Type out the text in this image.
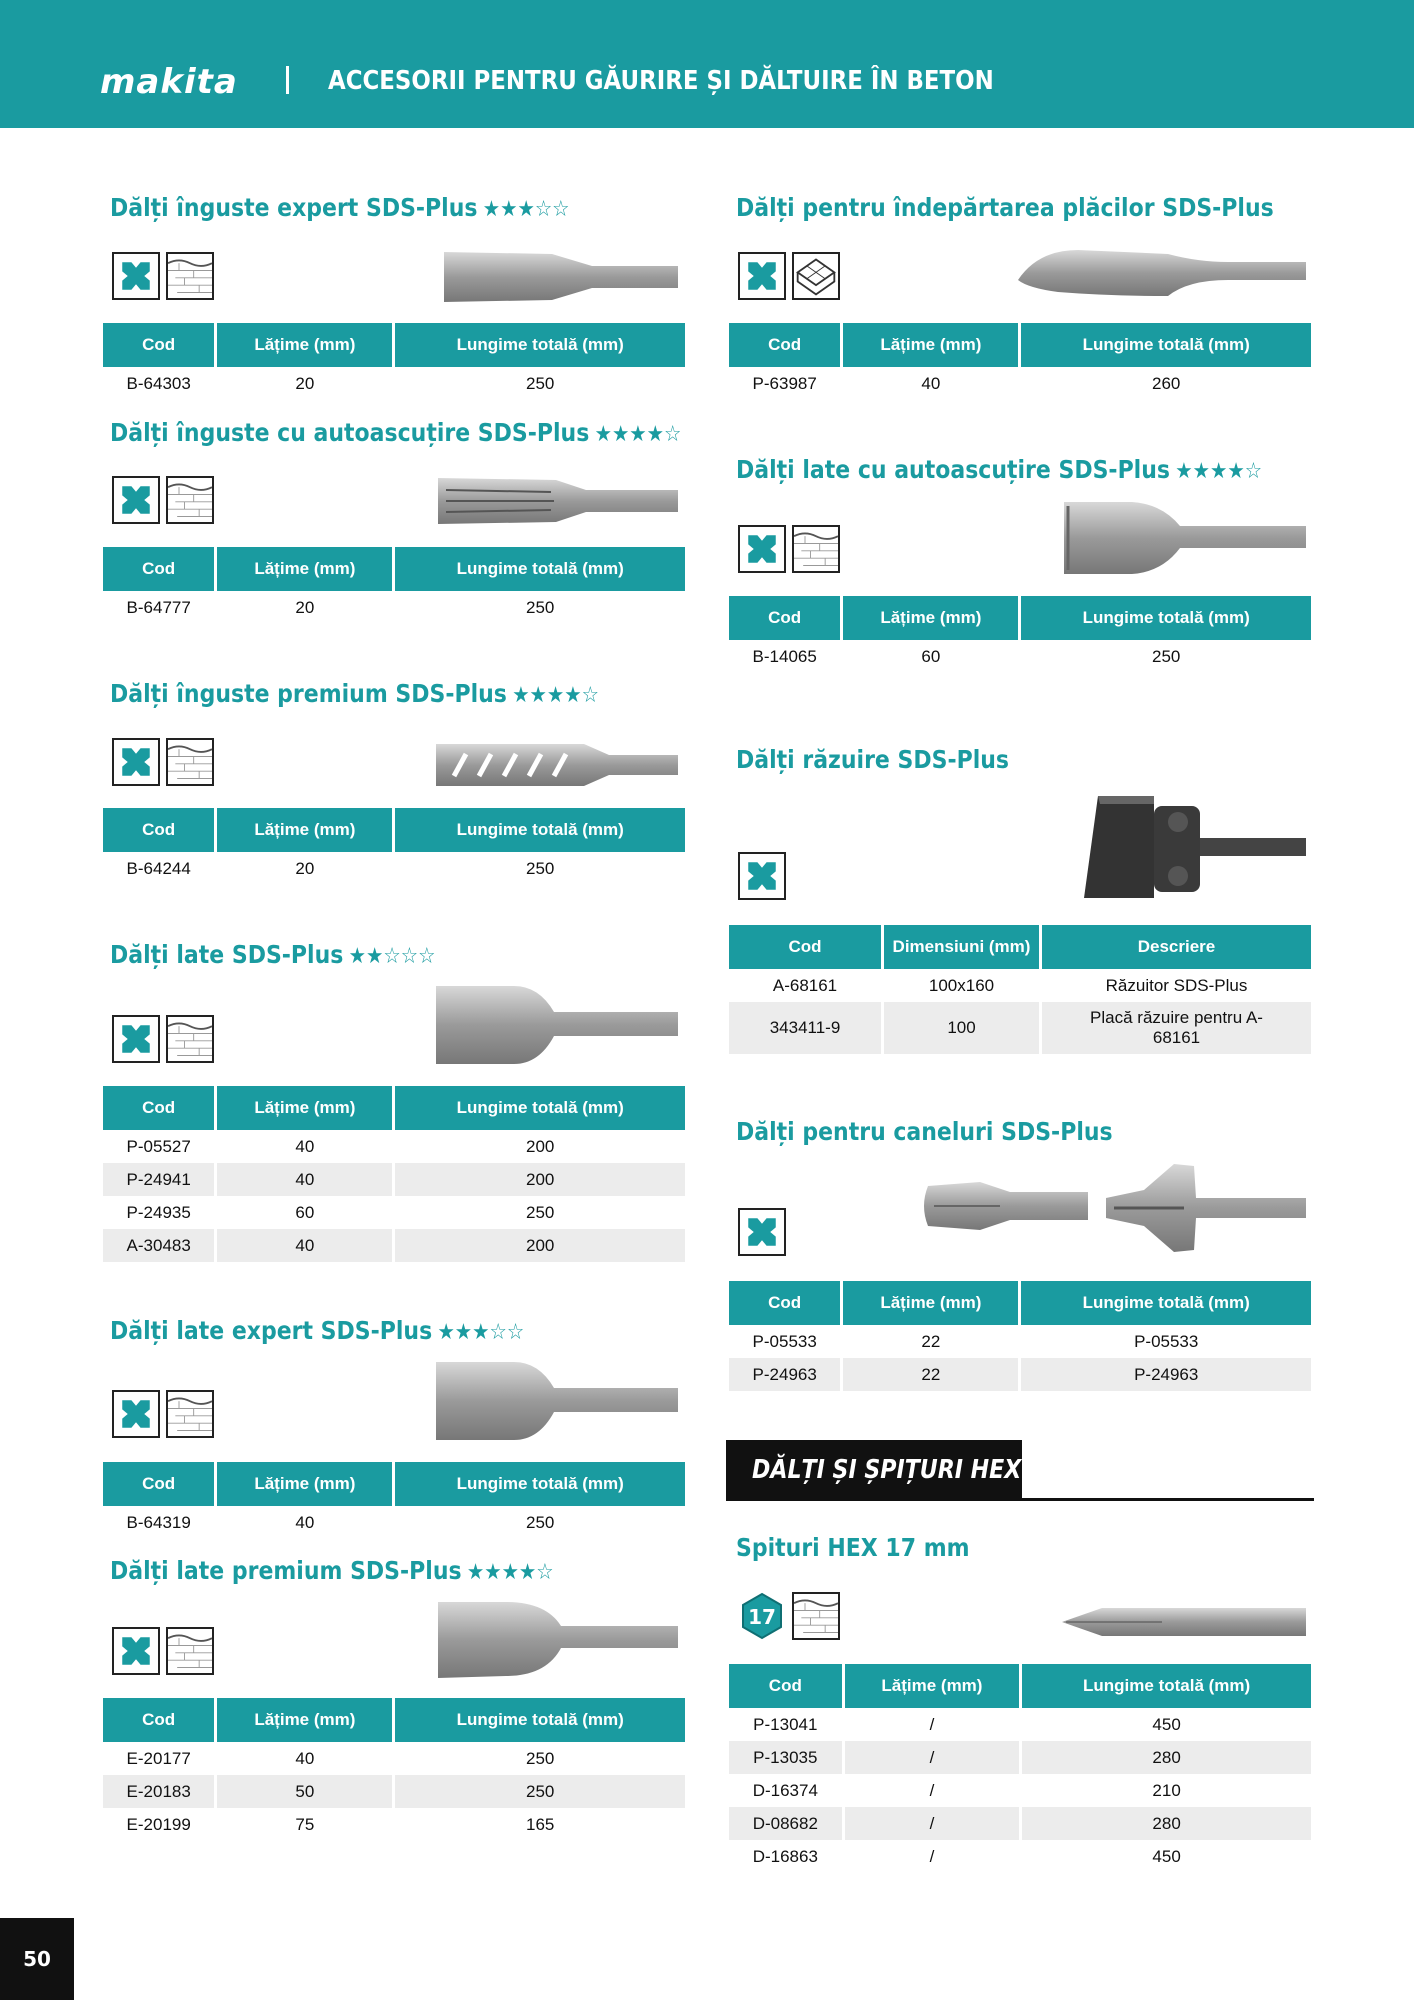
makita	ACCESORII PENTRU GĂURIRE ȘI DĂLTUIRE ÎN BETON
Dălți înguste expert SDS-Plus ★★★☆☆
Cod	Lățime (mm)	Lungime totală (mm)
B-64303	20	250
Dălți înguste cu autoascuțire SDS-Plus ★★★★☆
Cod	Lățime (mm)	Lungime totală (mm)
B-64777	20	250
Dălți înguste premium SDS-Plus ★★★★☆
Cod	Lățime (mm)	Lungime totală (mm)
B-64244	20	250
Dălți late SDS-Plus ★★☆☆☆
Cod	Lățime (mm)	Lungime totală (mm)
P-05527	40	200
P-24941	40	200
P-24935	60	250
A-30483	40	200
Dălți late expert SDS-Plus ★★★☆☆
Cod	Lățime (mm)	Lungime totală (mm)
B-64319	40	250
Dălți late premium SDS-Plus ★★★★☆
Cod	Lățime (mm)	Lungime totală (mm)
E-20177	40	250
E-20183	50	250
E-20199	75	165
Dălți pentru îndepărtarea plăcilor SDS-Plus
Cod	Lățime (mm)	Lungime totală (mm)
P-63987	40	260
Dălți late cu autoascuțire SDS-Plus ★★★★☆
Cod	Lățime (mm)	Lungime totală (mm)
B-14065	60	250
Dălți răzuire SDS-Plus
Cod	Dimensiuni (mm)	Descriere
A-68161	100x160	Răzuitor SDS-Plus
343411-9	100	Placă răzuire pentru A-68161
Dălți pentru caneluri SDS-Plus
Cod	Lățime (mm)	Lungime totală (mm)
P-05533	22	P-05533
P-24963	22	P-24963
DĂLȚI ȘI ȘPIȚURI HEX
Spituri HEX 17 mm
17
Cod	Lățime (mm)	Lungime totală (mm)
P-13041	/	450
P-13035	/	280
D-16374	/	210
D-08682	/	280
D-16863	/	450
50
